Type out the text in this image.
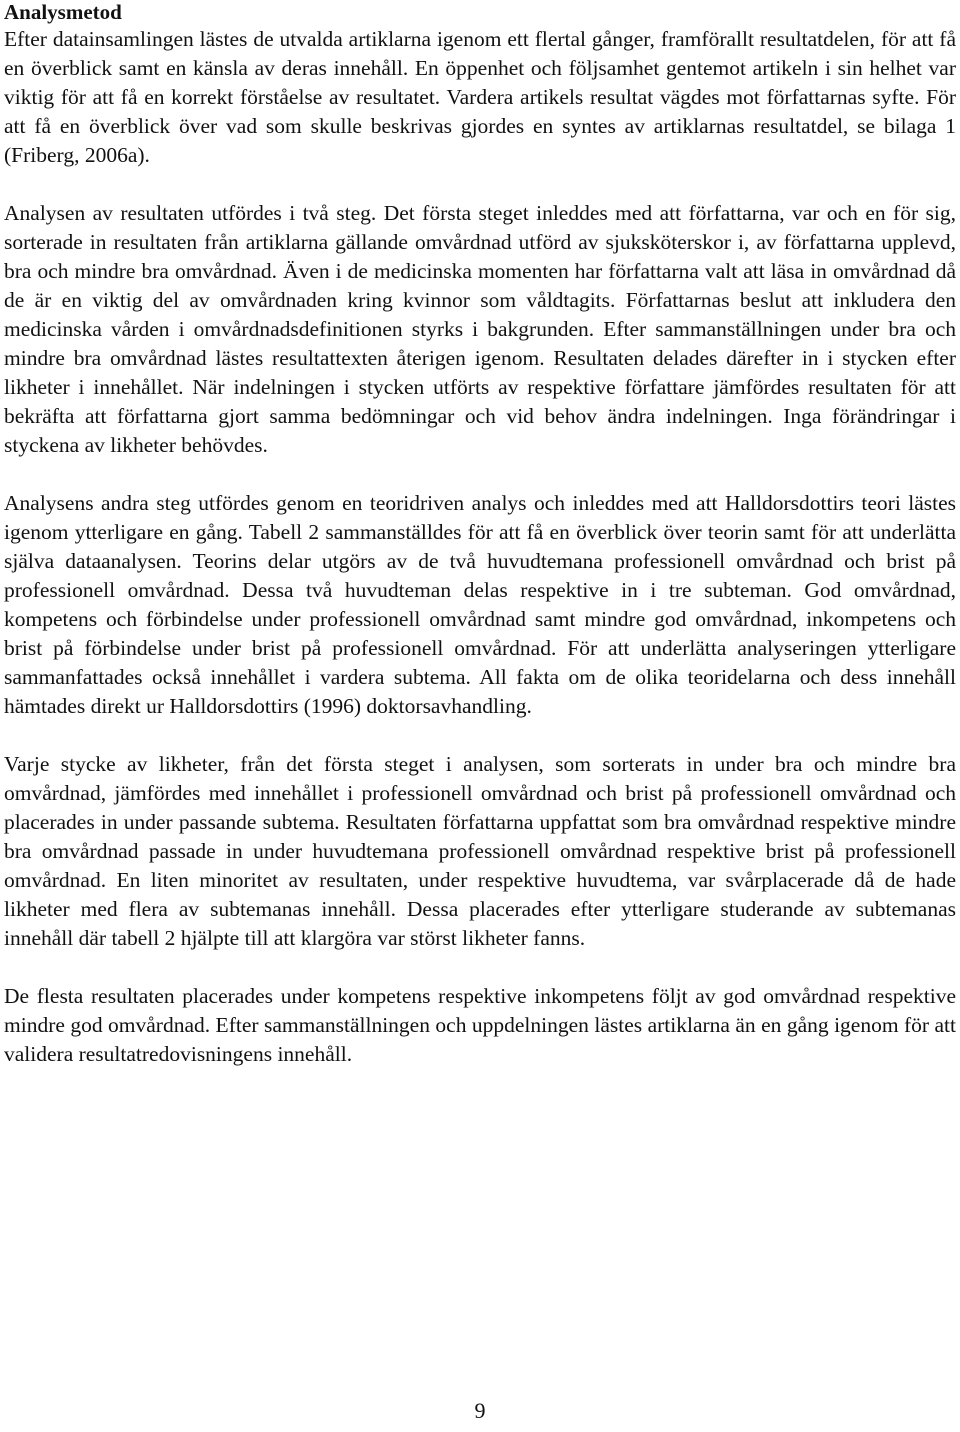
Analysmetod

Efter datainsamlingen lästes de utvalda artiklarna igenom ett flertal gånger, framförallt resultatdelen, för att få en överblick samt en känsla av deras innehåll. En öppenhet och följsamhet gentemot artikeln i sin helhet var viktig för att få en korrekt förståelse av resultatet. Vardera artikels resultat vägdes mot författarnas syfte. För att få en överblick över vad som skulle beskrivas gjordes en syntes av artiklarnas resultatdel, se bilaga 1 (Friberg, 2006a).

Analysen av resultaten utfördes i två steg. Det första steget inleddes med att författarna, var och en för sig, sorterade in resultaten från artiklarna gällande omvårdnad utförd av sjuksköterskor i, av författarna upplevd, bra och mindre bra omvårdnad. Även i de medicinska momenten har författarna valt att läsa in omvårdnad då de är en viktig del av omvårdnaden kring kvinnor som våldtagits. Författarnas beslut att inkludera den medicinska vården i omvårdnadsdefinitionen styrks i bakgrunden. Efter sammanställningen under bra och mindre bra omvårdnad lästes resultattexten återigen igenom. Resultaten delades därefter in i stycken efter likheter i innehållet. När indelningen i stycken utförts av respektive författare jämfördes resultaten för att bekräfta att författarna gjort samma bedömningar och vid behov ändra indelningen. Inga förändringar i styckena av likheter behövdes.

Analysens andra steg utfördes genom en teoridriven analys och inleddes med att Halldorsdottirs teori lästes igenom ytterligare en gång. Tabell 2 sammanställdes för att få en överblick över teorin samt för att underlätta själva dataanalysen. Teorins delar utgörs av de två huvudtemana professionell omvårdnad och brist på professionell omvårdnad. Dessa två huvudteman delas respektive in i tre subteman. God omvårdnad, kompetens och förbindelse under professionell omvårdnad samt mindre god omvårdnad, inkompetens och brist på förbindelse under brist på professionell omvårdnad. För att underlätta analyseringen ytterligare sammanfattades också innehållet i vardera subtema. All fakta om de olika teoridelarna och dess innehåll hämtades direkt ur Halldorsdottirs (1996) doktorsavhandling.

Varje stycke av likheter, från det första steget i analysen, som sorterats in under bra och mindre bra omvårdnad, jämfördes med innehållet i professionell omvårdnad och brist på professionell omvårdnad och placerades in under passande subtema. Resultaten författarna uppfattat som bra omvårdnad respektive mindre bra omvårdnad passade in under huvudtemana professionell omvårdnad respektive brist på professionell omvårdnad. En liten minoritet av resultaten, under respektive huvudtema, var svårplacerade då de hade likheter med flera av subtemanas innehåll. Dessa placerades efter ytterligare studerande av subtemanas innehåll där tabell 2 hjälpte till att klargöra var störst likheter fanns.

De flesta resultaten placerades under kompetens respektive inkompetens följt av god omvårdnad respektive mindre god omvårdnad. Efter sammanställningen och uppdelningen lästes artiklarna än en gång igenom för att validera resultatredovisningens innehåll.

9
